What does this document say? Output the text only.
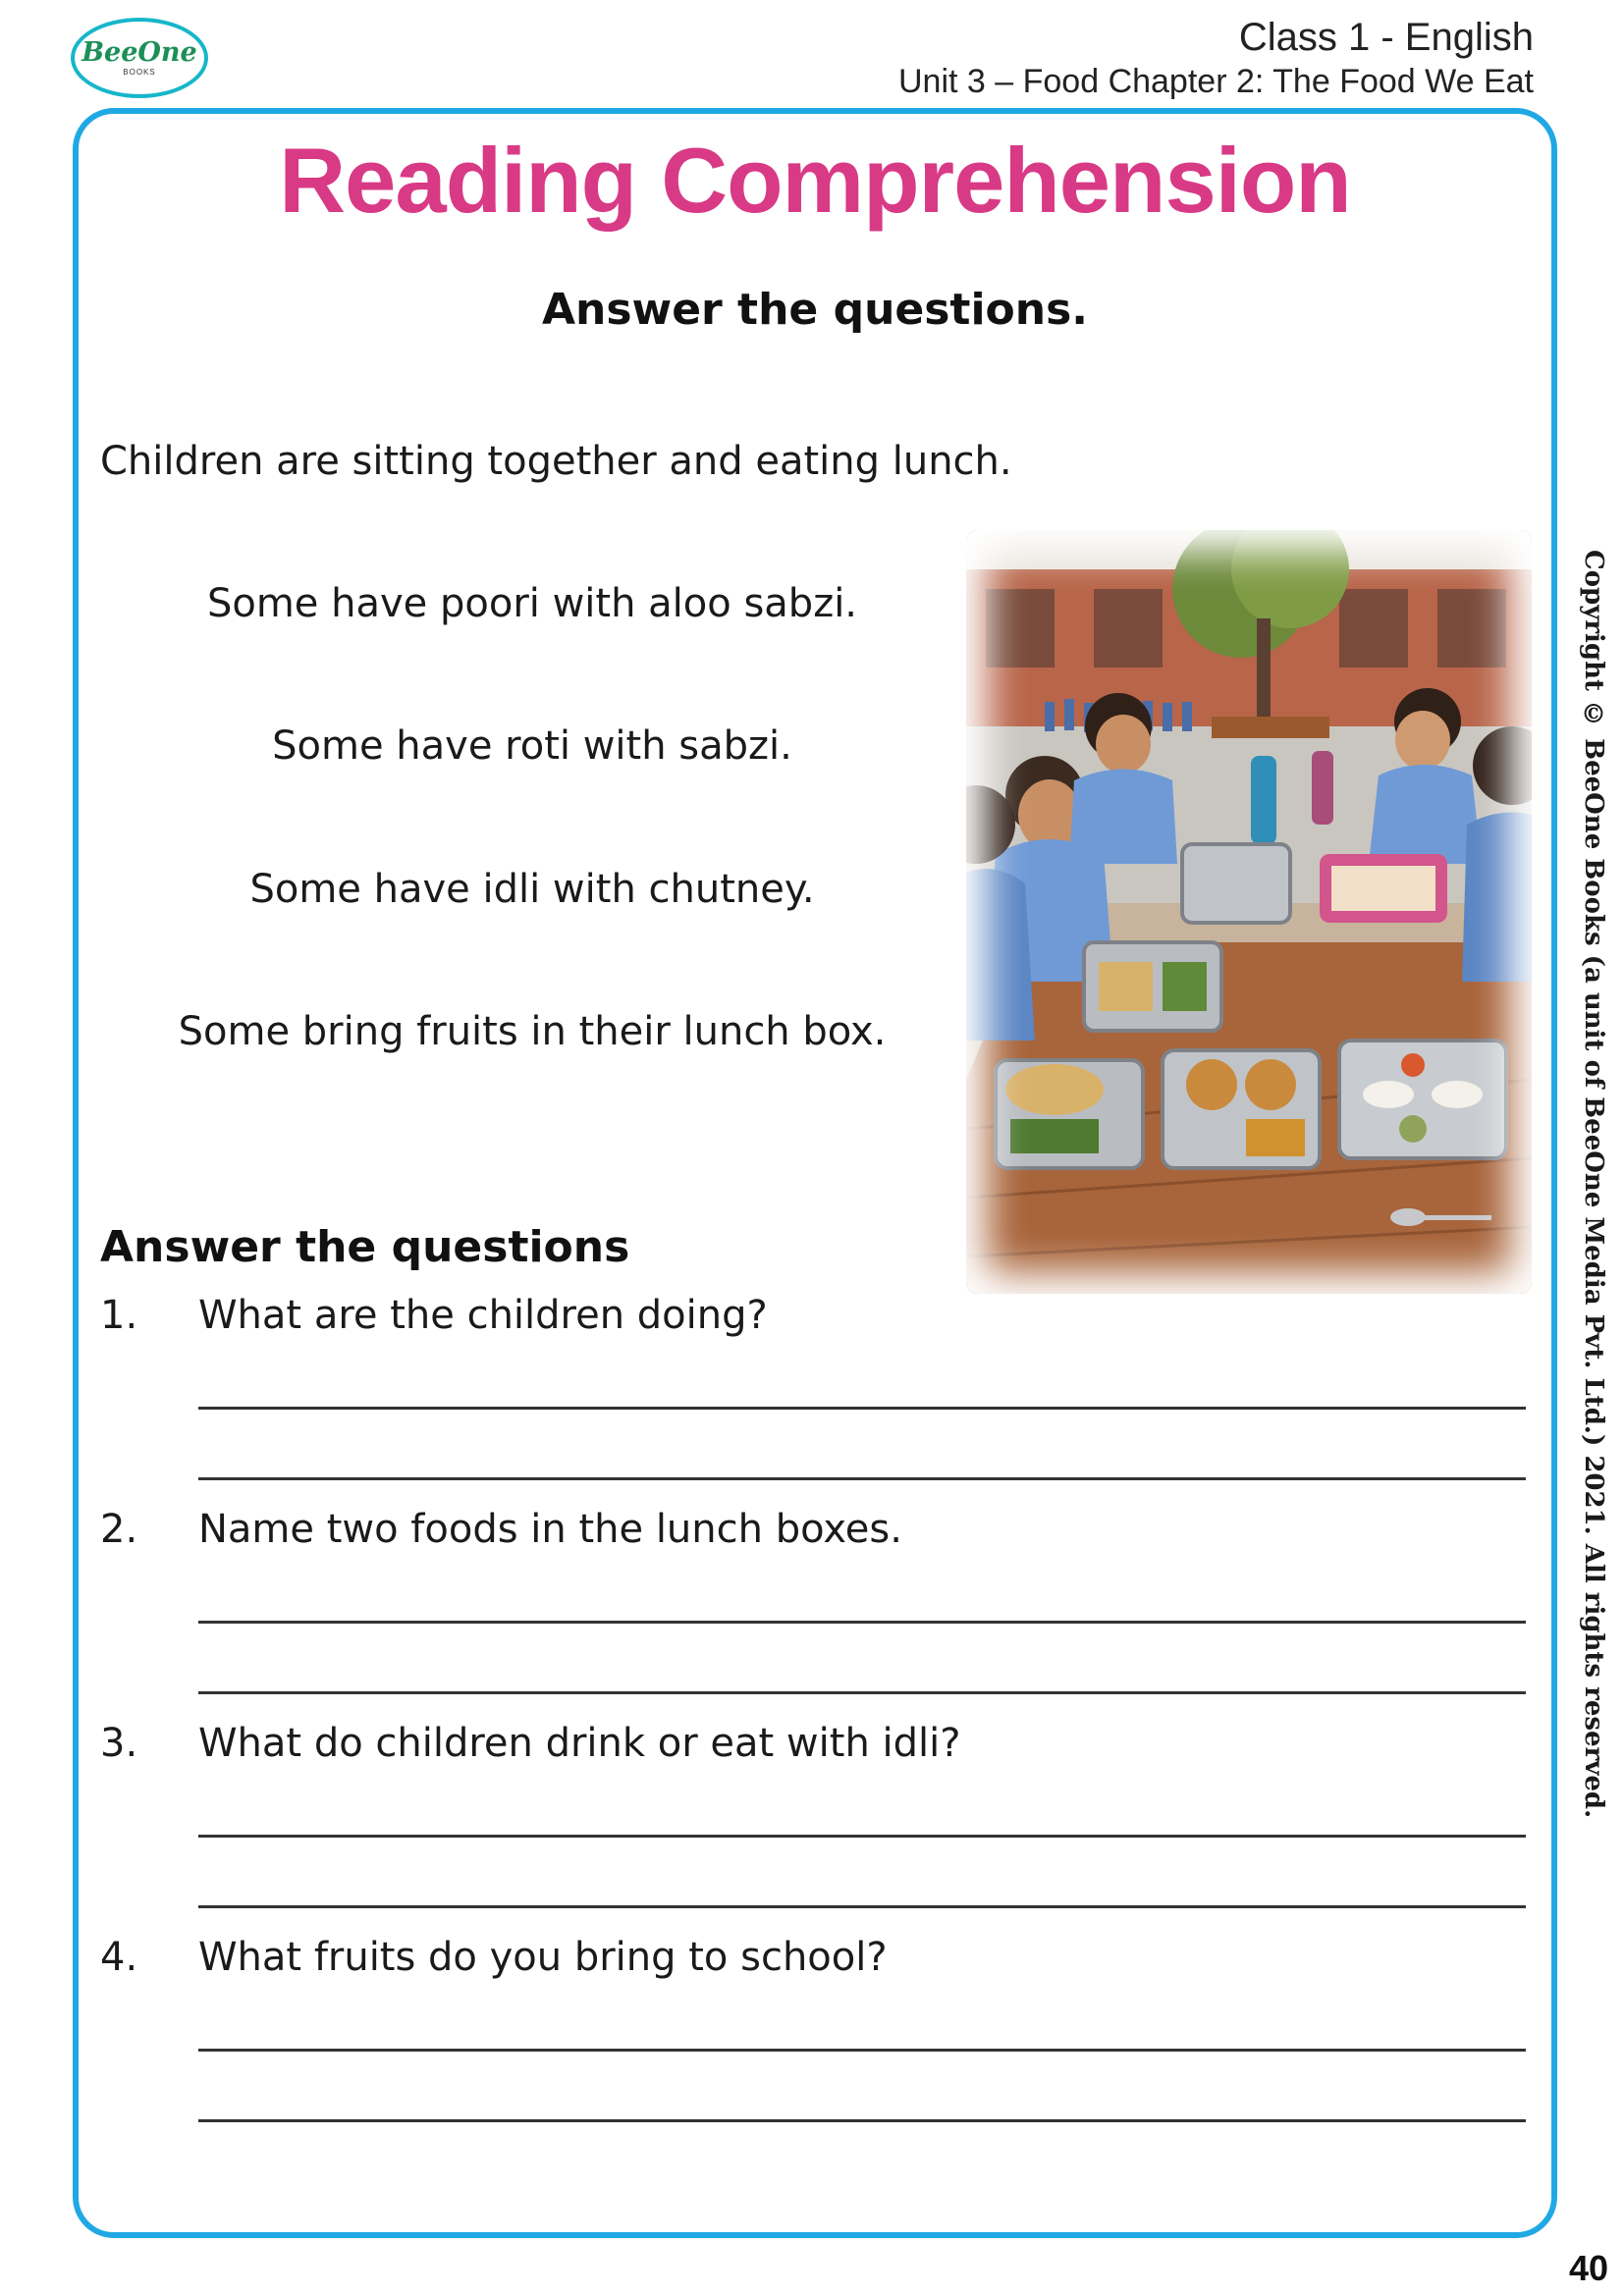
BeeOne
BOOKS
Class 1 - English
Unit 3 – Food Chapter 2: The Food We Eat
Reading Comprehension
Answer the questions.
Children are sitting together and eating lunch.
Some have poori with aloo sabzi.
Some have roti with sabzi.
Some have idli with chutney.
Some bring fruits in their lunch box.
Answer the questions
1. What are the children doing?
2. Name two foods in the lunch boxes.
3. What do children drink or eat with idli?
4. What fruits do you bring to school?
Copyright © BeeOne Books (a unit of BeeOne Media Pvt. Ltd.) 2021. All rights reserved.
40
